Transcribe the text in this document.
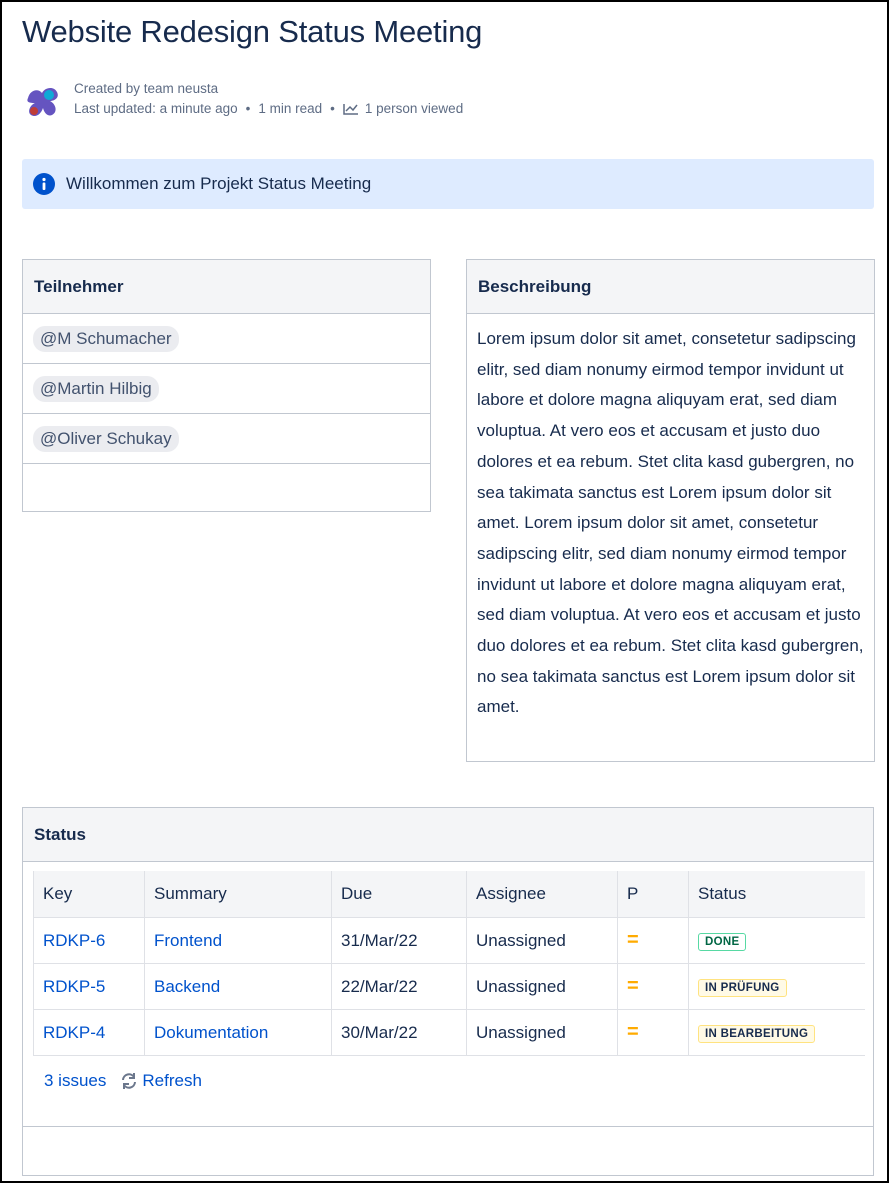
Website Redesign Status Meeting
Created by team neusta
Last updated: a minute ago • 1 min read • 1 person viewed
Willkommen zum Projekt Status Meeting
Teilnehmer
@M Schumacher
@Martin Hilbig
@Oliver Schukay
Beschreibung
Lorem ipsum dolor sit amet, consetetur sadipscing elitr, sed diam nonumy eirmod tempor invidunt ut labore et dolore magna aliquyam erat, sed diam voluptua. At vero eos et accusam et justo duo dolores et ea rebum. Stet clita kasd gubergren, no sea takimata sanctus est Lorem ipsum dolor sit amet. Lorem ipsum dolor sit amet, consetetur sadipscing elitr, sed diam nonumy eirmod tempor invidunt ut labore et dolore magna aliquyam erat, sed diam voluptua. At vero eos et accusam et justo duo dolores et ea rebum. Stet clita kasd gubergren, no sea takimata sanctus est Lorem ipsum dolor sit amet.
Status
Key	Summary	Due	Assignee	P	Status
RDKP-6	Frontend	31/Mar/22	Unassigned	=	DONE
RDKP-5	Backend	22/Mar/22	Unassigned	=	IN PRÜFUNG
RDKP-4	Dokumentation	30/Mar/22	Unassigned	=	IN BEARBEITUNG
3 issues Refresh
